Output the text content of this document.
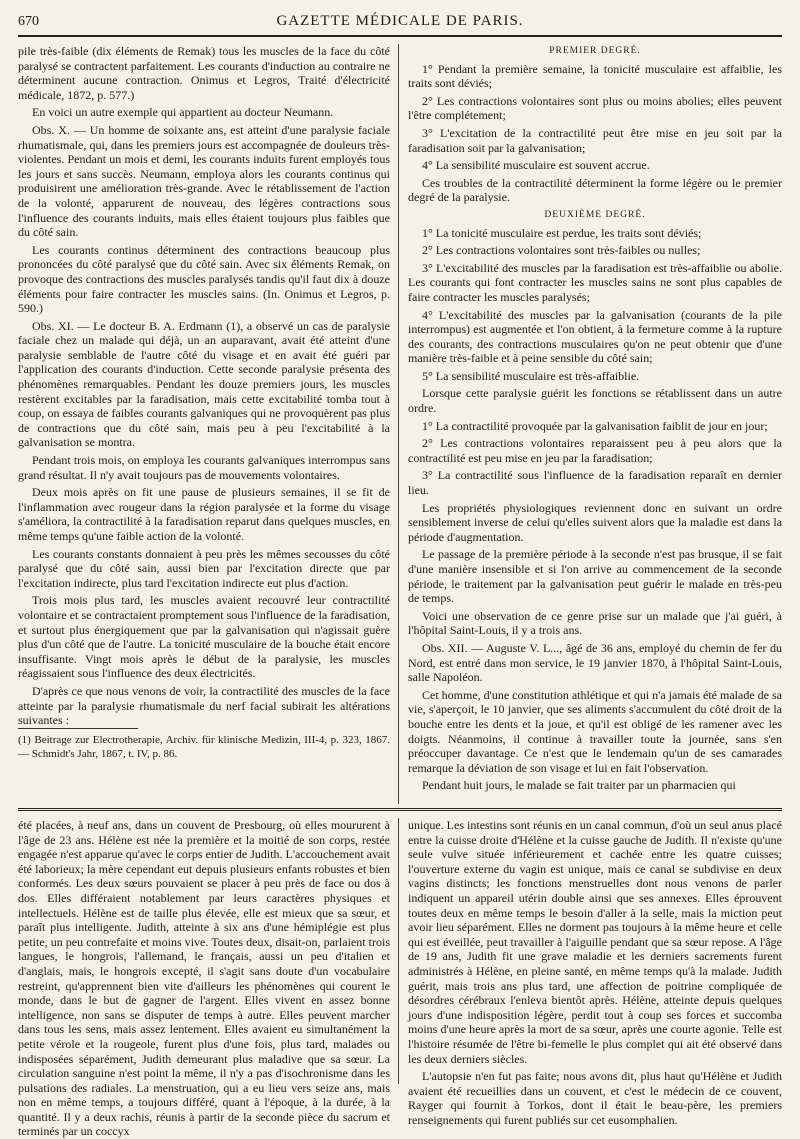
670	GAZETTE MÉDICALE DE PARIS.

pile très-faible (dix éléments de Remak) tous les muscles de la face du côté paralysé se contractent parfaitement. Les courants d'induction au contraire ne déterminent aucune contraction. Onimus et Legros, Traité d'électricité médicale, 1872, p. 577.)

En voici un autre exemple qui appartient au docteur Neumann.

Obs. X. — Un homme de soixante ans, est atteint d'une paralysie faciale rhumatismale, qui, dans les premiers jours est accompagnée de douleurs très-violentes. Pendant un mois et demi, les courants induits furent employés tous les jours et sans succès. Neumann, employa alors les courants continus qui produisirent une amélioration très-grande. Avec le rétablissement de l'action de la volonté, apparurent de nouveau, des légères contractions sous l'influence des courants induits, mais elles étaient toujours plus faibles que du côté sain.

Les courants continus déterminent des contractions beaucoup plus prononcées du côté paralysé que du côté sain. Avec six éléments Remak, on provoque des contractions des muscles paralysés tandis qu'il faut dix à douze éléments pour faire contracter les muscles sains. (In. Onimus et Legros, p. 590.)

Obs. XI. — Le docteur B. A. Erdmann (1), a observé un cas de paralysie faciale chez un malade qui déjà, un an auparavant, avait été atteint d'une paralysie semblable de l'autre côté du visage et en avait été guéri par l'application des courants d'induction. Cette seconde paralysie présenta des phénomènes remarquables. Pendant les douze premiers jours, les muscles restèrent excitables par la faradisation, mais cette excitabilité tomba tout à coup, on essaya de faibles courants galvaniques qui ne provoquèrent pas plus de contractions que du côté sain, mais peu à peu l'excitabilité à la galvanisation se montra.

Pendant trois mois, on employa les courants galvaniques interrompus sans grand résultat. Il n'y avait toujours pas de mouvements volontaires.

Deux mois après on fit une pause de plusieurs semaines, il se fit de l'inflammation avec rougeur dans la région paralysée et la forme du visage s'améliora, la contractilité à la faradisation reparut dans quelques muscles, en même temps qu'une faible action de la volonté.

Les courants constants donnaient à peu près les mêmes secousses du côté paralysé que du côté sain, aussi bien par l'excitation directe que par l'excitation indirecte, plus tard l'excitation indirecte eut plus d'action.

Trois mois plus tard, les muscles avaient recouvré leur contractilité volontaire et se contractaient promptement sous l'influence de la faradisation, et surtout plus énergiquement que par la galvanisation qui n'agissait guère plus d'un côté que de l'autre. La tonicité musculaire de la bouche était encore insuffisante. Vingt mois après le début de la paralysie, les muscles réagissaient sous l'influence des deux électricités.

D'après ce que nous venons de voir, la contractilité des muscles de la face atteinte par la paralysie rhumatismale du nerf facial subirait les altérations suivantes :

(1) Beitrage zur Electrotherapie, Archiv. für klinische Medizin, III-4, p. 323, 1867. — Schmidt's Jahr, 1867, t. IV, p. 86.

PREMIER DEGRÉ.

1° Pendant la première semaine, la tonicité musculaire est affaiblie, les traits sont déviés;

2° Les contractions volontaires sont plus ou moins abolies; elles peuvent l'être complétement;

3° L'excitation de la contractilité peut être mise en jeu soit par la faradisation soit par la galvanisation;

4° La sensibilité musculaire est souvent accrue.

Ces troubles de la contractilité déterminent la forme légère ou le premier degré de la paralysie.

DEUXIÈME DEGRÉ.

1° La tonicité musculaire est perdue, les traits sont déviés;

2° Les contractions volontaires sont très-faibles ou nulles;

3° L'excitabilité des muscles par la faradisation est très-affaiblie ou abolie. Les courants qui font contracter les muscles sains ne sont plus capables de faire contracter les muscles paralysés;

4° L'excitabilité des muscles par la galvanisation (courants de la pile interrompus) est augmentée et l'on obtient, à la fermeture comme à la rupture des courants, des contractions musculaires qu'on ne peut obtenir que d'une manière très-faible et à peine sensible du côté sain;

5° La sensibilité musculaire est très-affaiblie.

Lorsque cette paralysie guérit les fonctions se rétablissent dans un autre ordre.

1° La contractilité provoquée par la galvanisation faiblit de jour en jour;

2° Les contractions volontaires reparaissent peu à peu alors que la contractilité est peu mise en jeu par la faradisation;

3° La contractilité sous l'influence de la faradisation reparaît en dernier lieu.

Les propriétés physiologiques reviennent donc en suivant un ordre sensiblement inverse de celui qu'elles suivent alors que la maladie est dans la période d'augmentation.

Le passage de la première période à la seconde n'est pas brusque, il se fait d'une manière insensible et si l'on arrive au commencement de la seconde période, le traitement par la galvanisation peut guérir le malade en très-peu de temps.

Voici une observation de ce genre prise sur un malade que j'ai guéri, à l'hôpital Saint-Louis, il y a trois ans.

Obs. XII. — Auguste V. L..., âgé de 36 ans, employé du chemin de fer du Nord, est entré dans mon service, le 19 janvier 1870, à l'hôpital Saint-Louis, salle Napoléon.

Cet homme, d'une constitution athlétique et qui n'a jamais été malade de sa vie, s'aperçoit, le 10 janvier, que ses aliments s'accumulent du côté droit de la bouche entre les dents et la joue, et qu'il est obligé de les ramener avec les doigts. Néanmoins, il continue à travailler toute la journée, sans s'en préoccuper davantage. Ce n'est que le lendemain qu'un de ses camarades remarque la déviation de son visage et lui en fait l'observation.

Pendant huit jours, le malade se fait traiter par un pharmacien qui

été placées, à neuf ans, dans un couvent de Presbourg, où elles moururent à l'âge de 23 ans. Hélène est née la première et la moitié de son corps, restée engagée n'est apparue qu'avec le corps entier de Judith. L'accouchement avait été laborieux; la mère cependant eut depuis plusieurs enfants robustes et bien conformés. Les deux sœurs pouvaient se placer à peu près de face ou dos à dos. Elles différaient notablement par leurs caractères physiques et intellectuels. Hélène est de taille plus élevée, elle est mieux que sa sœur, et paraît plus intelligente. Judith, atteinte à six ans d'une hémiplégie est plus petite, un peu contrefaite et moins vive. Toutes deux, disait-on, parlaient trois langues, le hongrois, l'allemand, le français, aussi un peu d'italien et d'anglais, mais, le hongrois excepté, il s'agit sans doute d'un vocabulaire restreint, qu'apprennent bien vite d'ailleurs les phénomènes qui courent le monde, dans le but de gagner de l'argent. Elles vivent en assez bonne intelligence, non sans se disputer de temps à autre. Elles peuvent marcher dans tous les sens, mais assez lentement. Elles avaient eu simultanément la petite vérole et la rougeole, furent plus d'une fois, plus tard, malades ou indisposées séparément, Judith demeurant plus maladive que sa sœur. La circulation sanguine n'est point la même, il n'y a pas d'isochronisme dans les pulsations des radiales. La menstruation, qui a eu lieu vers seize ans, mais non en même temps, a toujours différé, quant à l'époque, à la durée, à la quantité. Il y a deux rachis, réunis à partir de la seconde pièce du sacrum et terminés par un coccyx

unique. Les intestins sont réunis en un canal commun, d'où un seul anus placé entre la cuisse droite d'Hélène et la cuisse gauche de Judith. Il n'existe qu'une seule vulve située inférieurement et cachée entre les quatre cuisses; l'ouverture externe du vagin est unique, mais ce canal se subdivise en deux vagins distincts; les fonctions menstruelles dont nous venons de parler indiquent un appareil utérin double ainsi que ses annexes. Elles éprouvent toutes deux en même temps le besoin d'aller à la selle, mais la miction peut avoir lieu séparément. Elles ne dorment pas toujours à la même heure et celle qui est éveillée, peut travailler à l'aiguille pendant que sa sœur repose. A l'âge de 19 ans, Judith fit une grave maladie et les derniers sacrements furent administrés à Hélène, en pleine santé, en même temps qu'à la malade. Judith guérit, mais trois ans plus tard, une affection de poitrine compliquée de désordres cérébraux l'enleva bientôt après. Hélène, atteinte depuis quelques jours d'une indisposition légère, perdit tout à coup ses forces et succomba moins d'une heure après la mort de sa sœur, après une courte agonie. Telle est l'histoire résumée de l'être bi-femelle le plus complet qui ait été observé dans les deux derniers siècles.

L'autopsie n'en fut pas faite; nous avons dit, plus haut qu'Hélène et Judith avaient été recueillies dans un couvent, et c'est le médecin de ce couvent, Rayger qui fournit à Torkos, dont il était le beau-père, les premiers renseignements qui furent publiés sur cet eusomphalien.
